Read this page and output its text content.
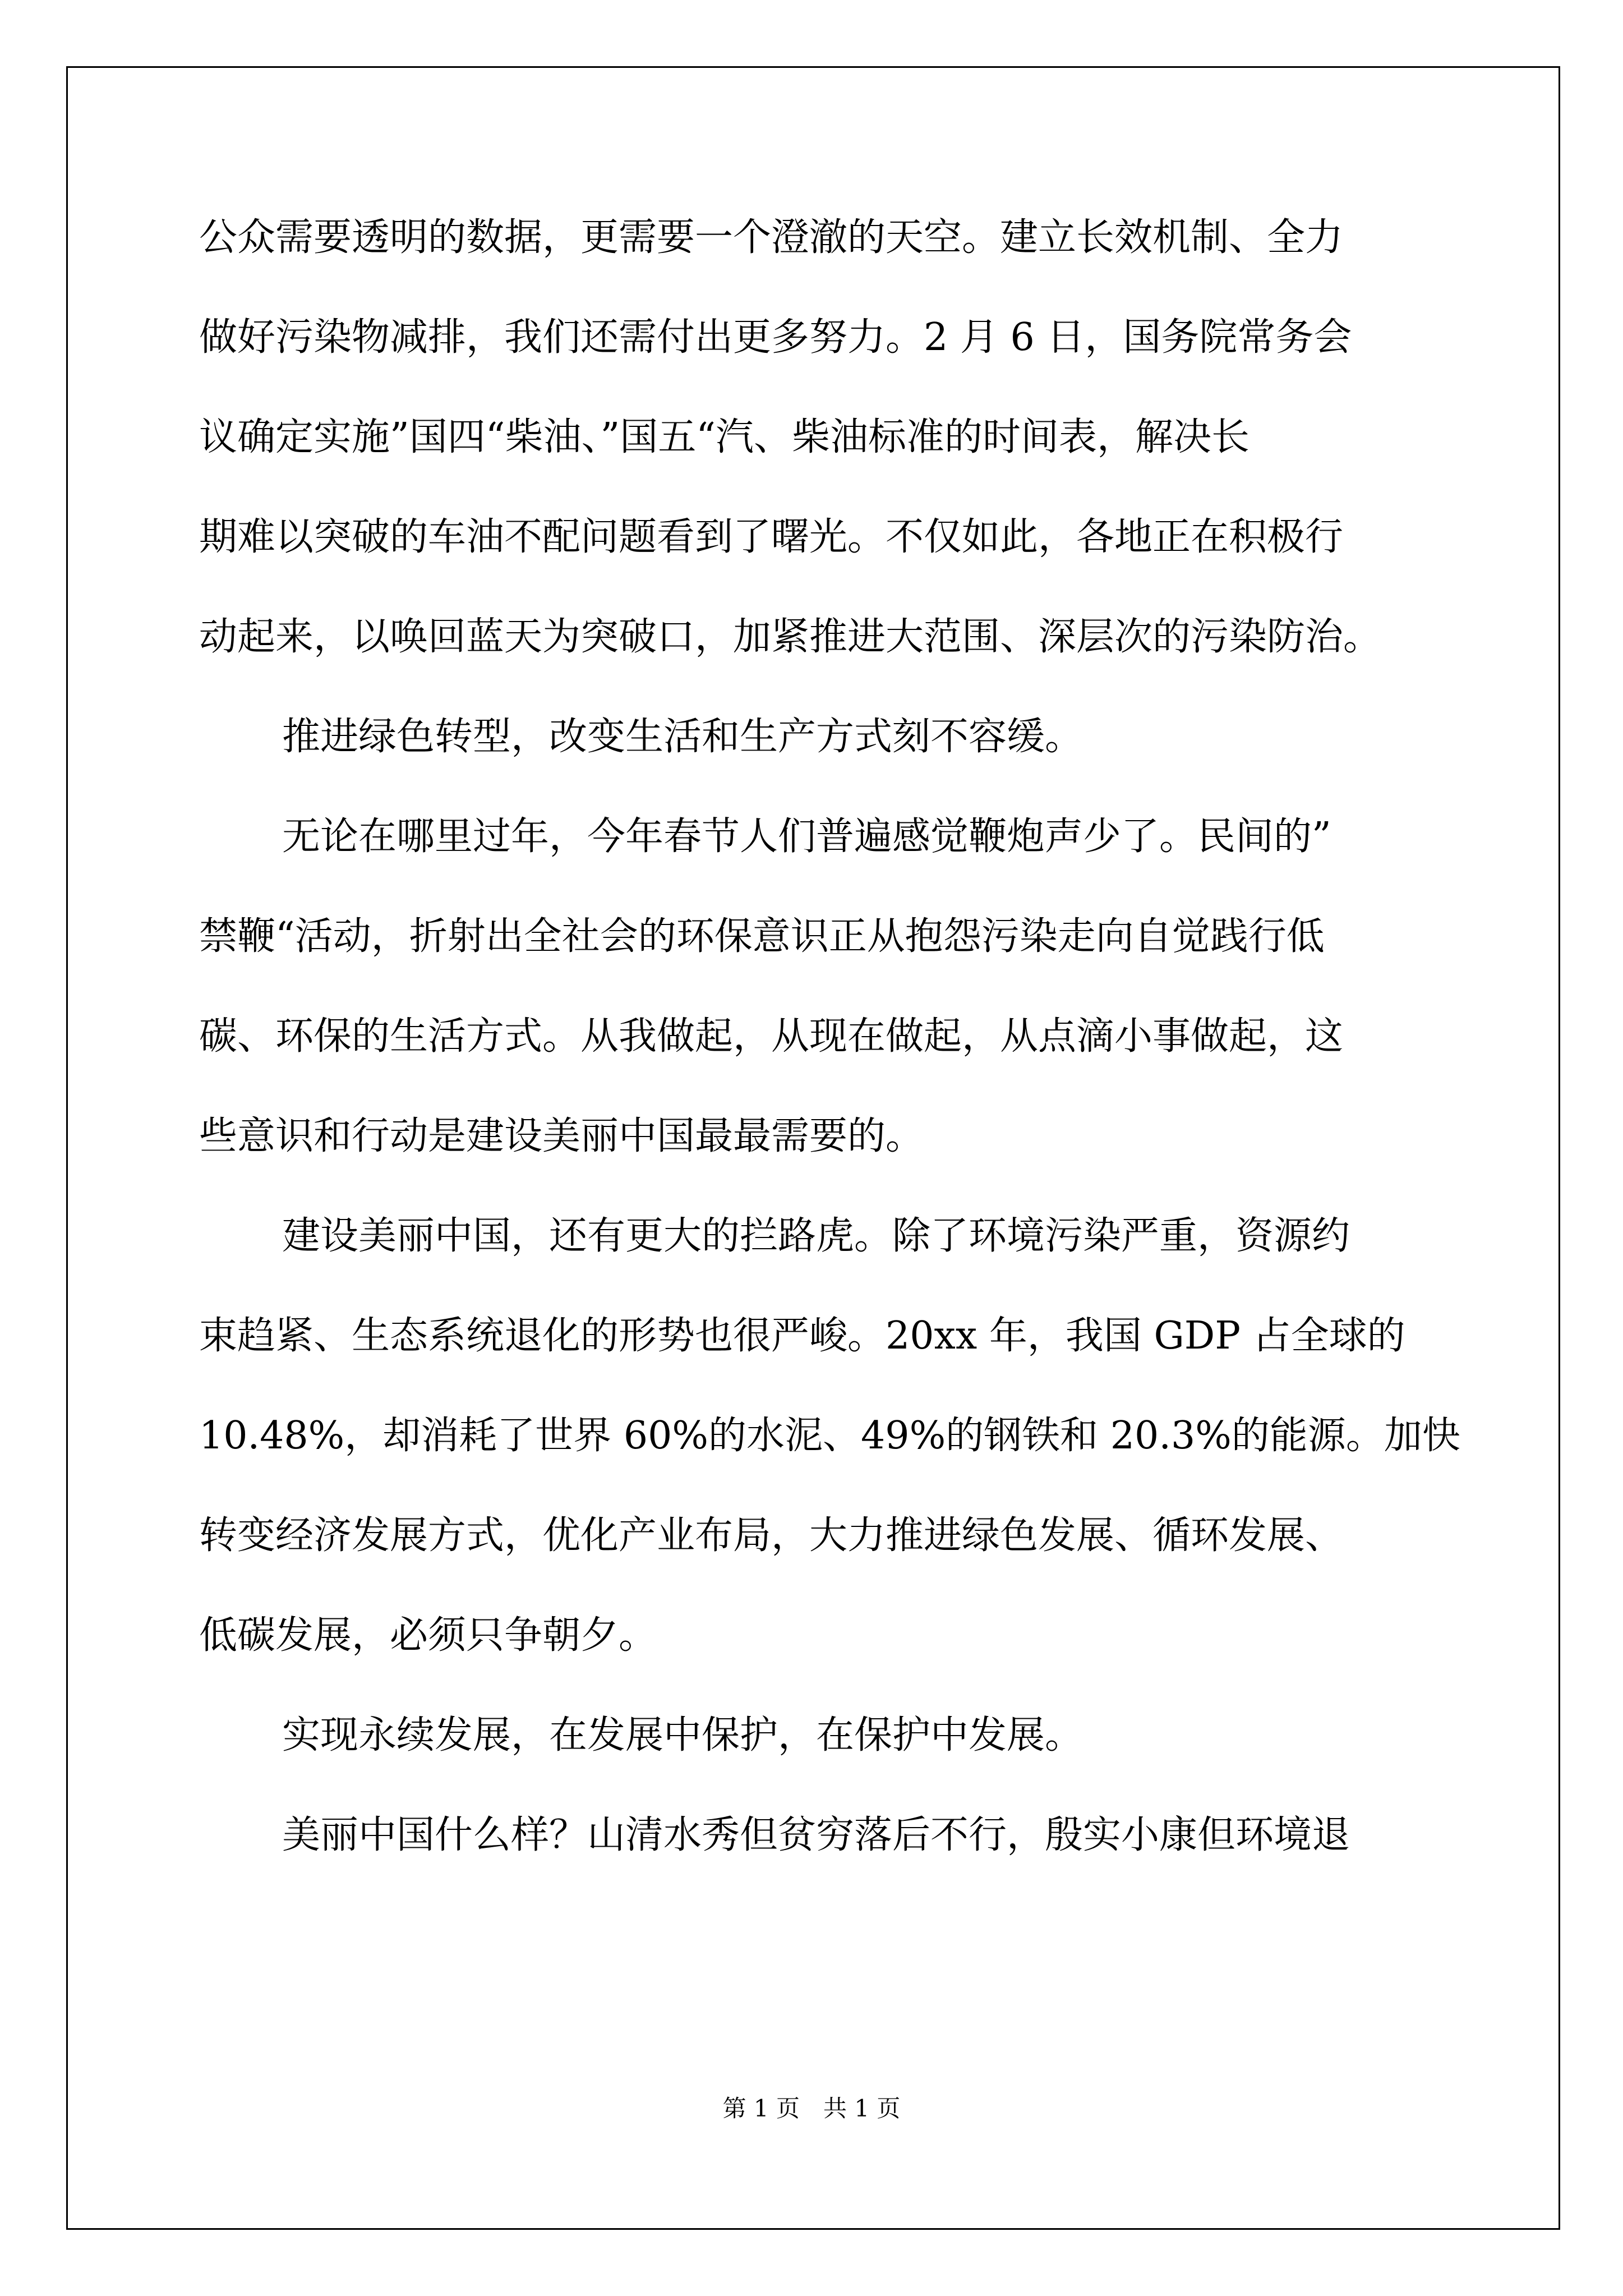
公众需要透明的数据，更需要一个澄澈的天空。建立长效机制、全力
做好污染物减排，我们还需付出更多努力。2 月 6 日，国务院常务会
议确定实施”国四“柴油、”国五“汽、柴油标准的时间表，解决长
期难以突破的车油不配问题看到了曙光。不仅如此，各地正在积极行
动起来，以唤回蓝天为突破口，加紧推进大范围、深层次的污染防治。
推进绿色转型，改变生活和生产方式刻不容缓。
无论在哪里过年，今年春节人们普遍感觉鞭炮声少了。民间的”
禁鞭“活动，折射出全社会的环保意识正从抱怨污染走向自觉践行低
碳、环保的生活方式。从我做起，从现在做起，从点滴小事做起，这
些意识和行动是建设美丽中国最最需要的。
建设美丽中国，还有更大的拦路虎。除了环境污染严重，资源约
束趋紧、生态系统退化的形势也很严峻。20xx 年，我国 GDP 占全球的
10.48%，却消耗了世界 60%的水泥、49%的钢铁和 20.3%的能源。加快
转变经济发展方式，优化产业布局，大力推进绿色发展、循环发展、
低碳发展，必须只争朝夕。
实现永续发展，在发展中保护，在保护中发展。
美丽中国什么样？山清水秀但贫穷落后不行，殷实小康但环境退
第 1 页　共 1 页
